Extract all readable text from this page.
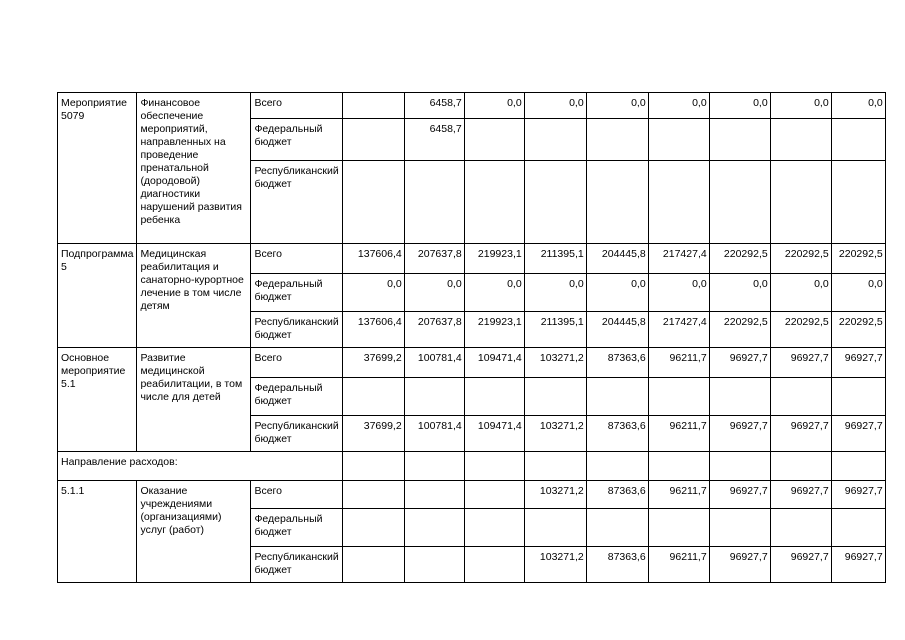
Мероприятие 5079	Финансовое обеспечение мероприятий, направленных на проведение пренатальной (дородовой) диагностики нарушений развития ребенка	Всего		6458,7	0,0	0,0	0,0	0,0	0,0	0,0	0,0
		Федеральный бюджет		6458,7							
		Республиканский бюджет									
Подпрограмма 5	Медицинская реабилитация и санаторно-курортное лечение в том числе детям	Всего	137606,4	207637,8	219923,1	211395,1	204445,8	217427,4	220292,5	220292,5	220292,5
		Федеральный бюджет	0,0	0,0	0,0	0,0	0,0	0,0	0,0	0,0	0,0
		Республиканский бюджет	137606,4	207637,8	219923,1	211395,1	204445,8	217427,4	220292,5	220292,5	220292,5
Основное мероприятие 5.1	Развитие медицинской реабилитации, в том числе для детей	Всего	37699,2	100781,4	109471,4	103271,2	87363,6	96211,7	96927,7	96927,7	96927,7
		Федеральный бюджет									
		Республиканский бюджет	37699,2	100781,4	109471,4	103271,2	87363,6	96211,7	96927,7	96927,7	96927,7
Направление расходов:											
5.1.1	Оказание учреждениями (организациями) услуг (работ)	Всего				103271,2	87363,6	96211,7	96927,7	96927,7	96927,7
		Федеральный бюджет									
		Республиканский бюджет				103271,2	87363,6	96211,7	96927,7	96927,7	96927,7
